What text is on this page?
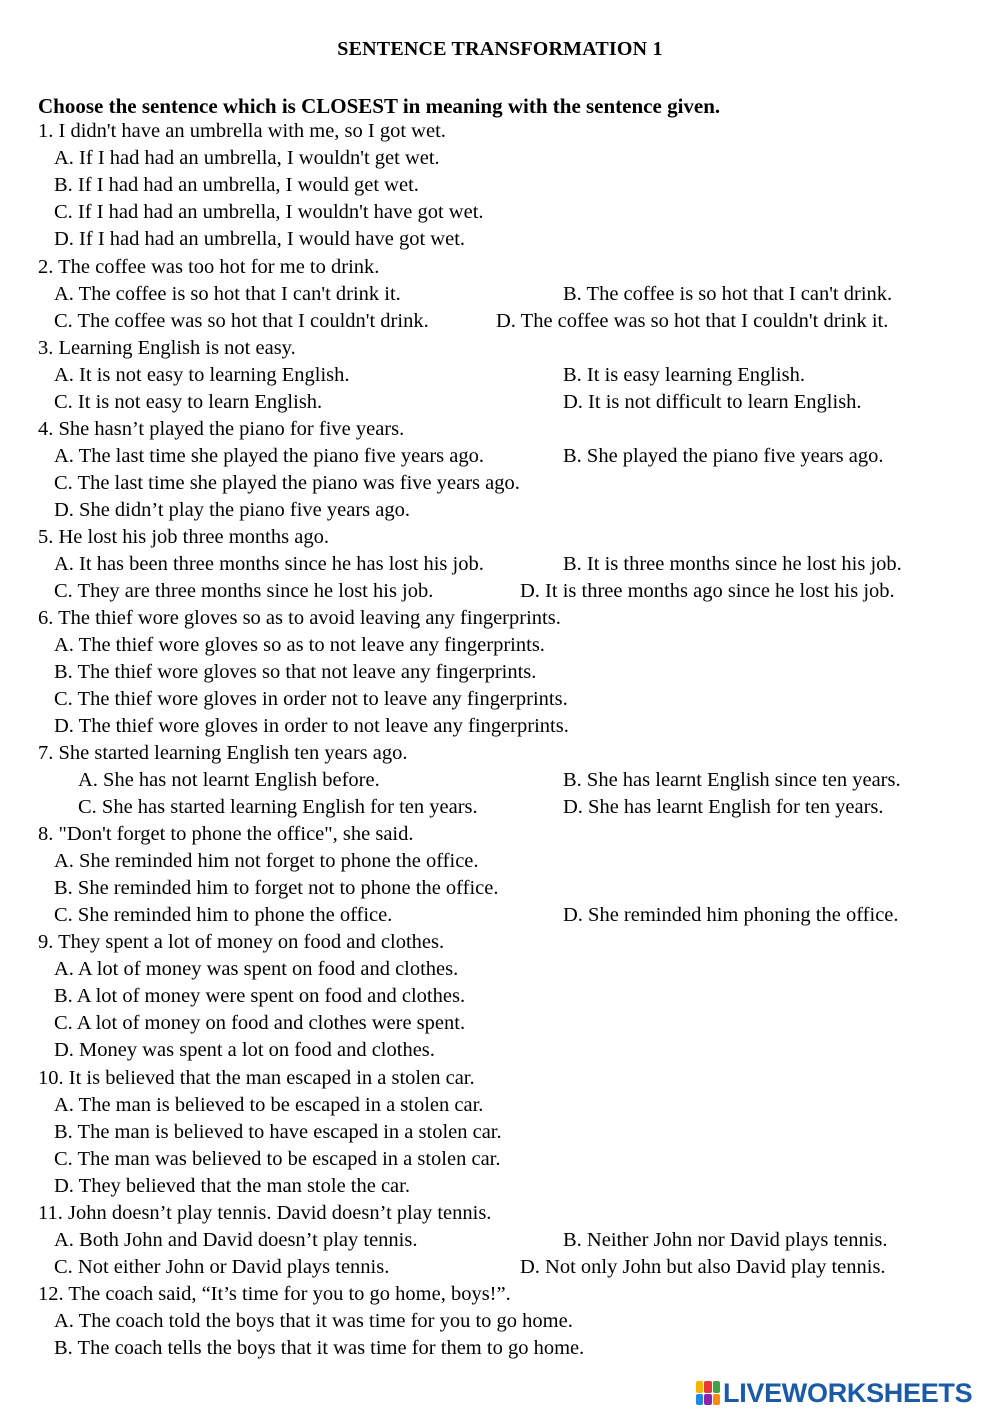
SENTENCE TRANSFORMATION 1
Choose the sentence which is CLOSEST in meaning with the sentence given.
1. I didn't have an umbrella with me, so I got wet.
A. If I had had an umbrella, I wouldn't get wet.
B. If I had had an umbrella, I would get wet.
C. If I had had an umbrella, I wouldn't have got wet.
D. If I had had an umbrella, I would have got wet.
2. The coffee was too hot for me to drink.
A. The coffee is so hot that I can't drink it.	B. The coffee is so hot that I can't drink.
C. The coffee was so hot that I couldn't drink.	D. The coffee was so hot that I couldn't drink it.
3. Learning English is not easy.
A. It is not easy to learning English.	B. It is easy learning English.
C. It is not easy to learn English.	D. It is not difficult to learn English.
4. She hasn’t played the piano for five years.
A. The last time she played the piano five years ago.	B. She played the piano five years ago.
C. The last time she played the piano was five years ago.
D. She didn’t play the piano five years ago.
5. He lost his job three months ago.
A. It has been three months since he has lost his job.	B. It is three months since he lost his job.
C. They are three months since he lost his job.	D. It is three months ago since he lost his job.
6. The thief wore gloves so as to avoid leaving any fingerprints.
A. The thief wore gloves so as to not leave any fingerprints.
B. The thief wore gloves so that not leave any fingerprints.
C. The thief wore gloves in order not to leave any fingerprints.
D. The thief wore gloves in order to not leave any fingerprints.
7. She started learning English ten years ago.
A. She has not learnt English before.	B. She has learnt English since ten years.
C. She has started learning English for ten years.	D. She has learnt English for ten years.
8. "Don't forget to phone the office", she said.
A. She reminded him not forget to phone the office.
B. She reminded him to forget not to phone the office.
C. She reminded him to phone the office.	D. She reminded him phoning the office.
9. They spent a lot of money on food and clothes.
A. A lot of money was spent on food and clothes.
B. A lot of money were spent on food and clothes.
C. A lot of money on food and clothes were spent.
D. Money was spent a lot on food and clothes.
10. It is believed that the man escaped in a stolen car.
A. The man is believed to be escaped in a stolen car.
B. The man is believed to have escaped in a stolen car.
C. The man was believed to be escaped in a stolen car.
D. They believed that the man stole the car.
11. John doesn’t play tennis. David doesn’t play tennis.
A. Both John and David doesn’t play tennis.	B. Neither John nor David plays tennis.
C. Not either John or David plays tennis.	D. Not only John but also David play tennis.
12. The coach said, “It’s time for you to go home, boys!”.
A. The coach told the boys that it was time for you to go home.
B. The coach tells the boys that it was time for them to go home.
LIVEWORKSHEETS
